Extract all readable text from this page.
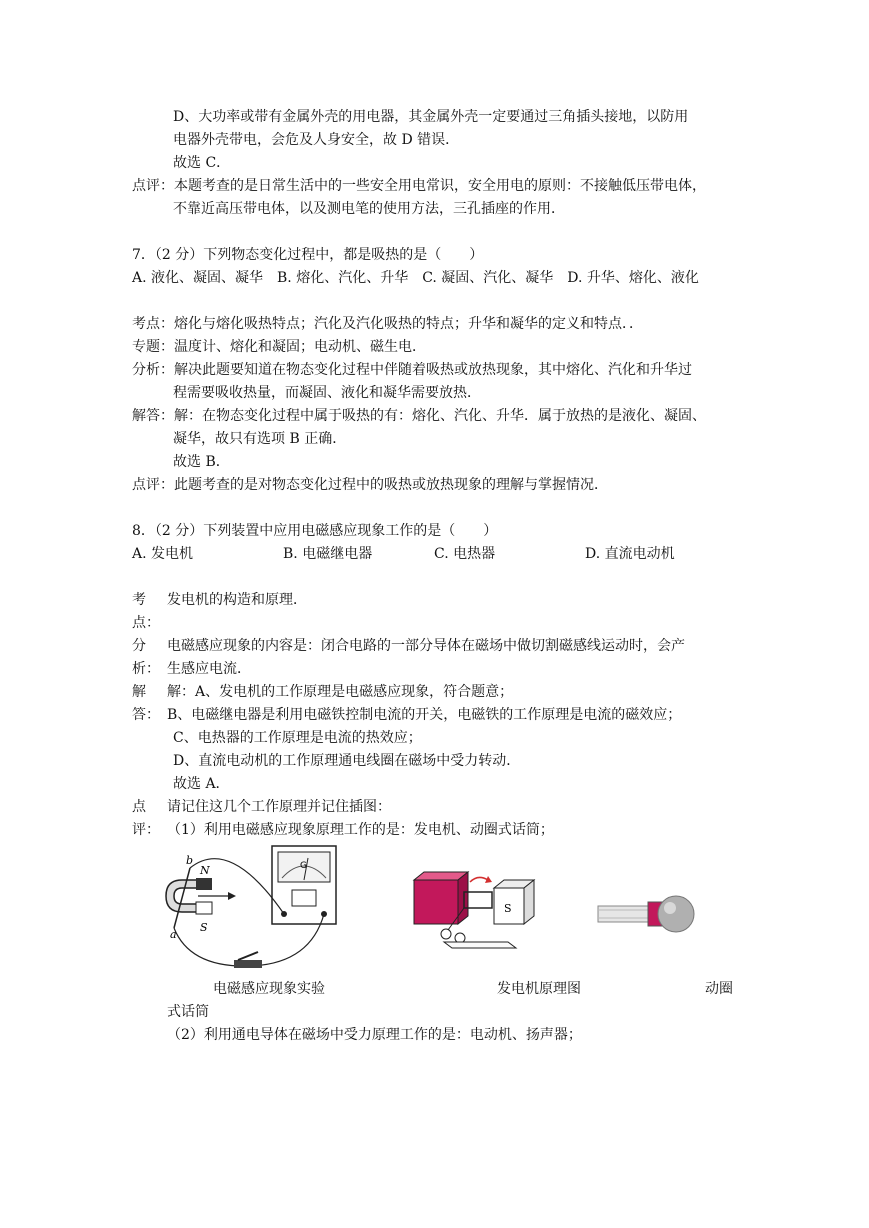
D、大功率或带有金属外壳的用电器，其金属外壳一定要通过三角插头接地，以防用
电器外壳带电，会危及人身安全，故 D 错误．
故选 C．
点评： 本题考查的是日常生活中的一些安全用电常识，安全用电的原则：不接触低压带电体，
不靠近高压带电体，以及测电笔的使用方法，三孔插座的作用．
7．（2 分）下列物态变化过程中，都是吸热的是（　　）
A. 液化、凝固、凝华　B. 熔化、汽化、升华　C. 凝固、汽化、凝华　D. 升华、熔化、液化
考点：熔化与熔化吸热特点；汽化及汽化吸热的特点；升华和凝华的定义和特点．．
专题：温度计、熔化和凝固；电动机、磁生电．
分析：解决此题要知道在物态变化过程中伴随着吸热或放热现象，其中熔化、汽化和升华过
程需要吸收热量，而凝固、液化和凝华需要放热．
解答：解：在物态变化过程中属于吸热的有：熔化、汽化、升华．属于放热的是液化、凝固、
凝华，故只有选项 B 正确．
故选 B．
点评：此题考查的是对物态变化过程中的吸热或放热现象的理解与掌握情况．
8．（2 分）下列装置中应用电磁感应现象工作的是（　　）
A. 发电机	B. 电磁继电器	C. 电热器	D. 直流电动机
考 发电机的构造和原理．
点：
分 电磁感应现象的内容是：闭合电路的一部分导体在磁场中做切割磁感线运动时，会产
析： 生感应电流．
解 解：A、发电机的工作原理是电磁感应现象，符合题意；
答： B、电磁继电器是利用电磁铁控制电流的开关，电磁铁的工作原理是电流的磁效应；
C、电热器的工作原理是电流的热效应；
D、直流电动机的工作原理通电线圈在磁场中受力转动．
故选 A．
点 请记住这几个工作原理并记住插图：
评： （1）利用电磁感应现象原理工作的是：发电机、动圈式话筒；
N
S
a
b	G
S
电磁感应现象实验	发电机原理图	动圈
式话筒
（2）利用通电导体在磁场中受力原理工作的是：电动机、扬声器；
